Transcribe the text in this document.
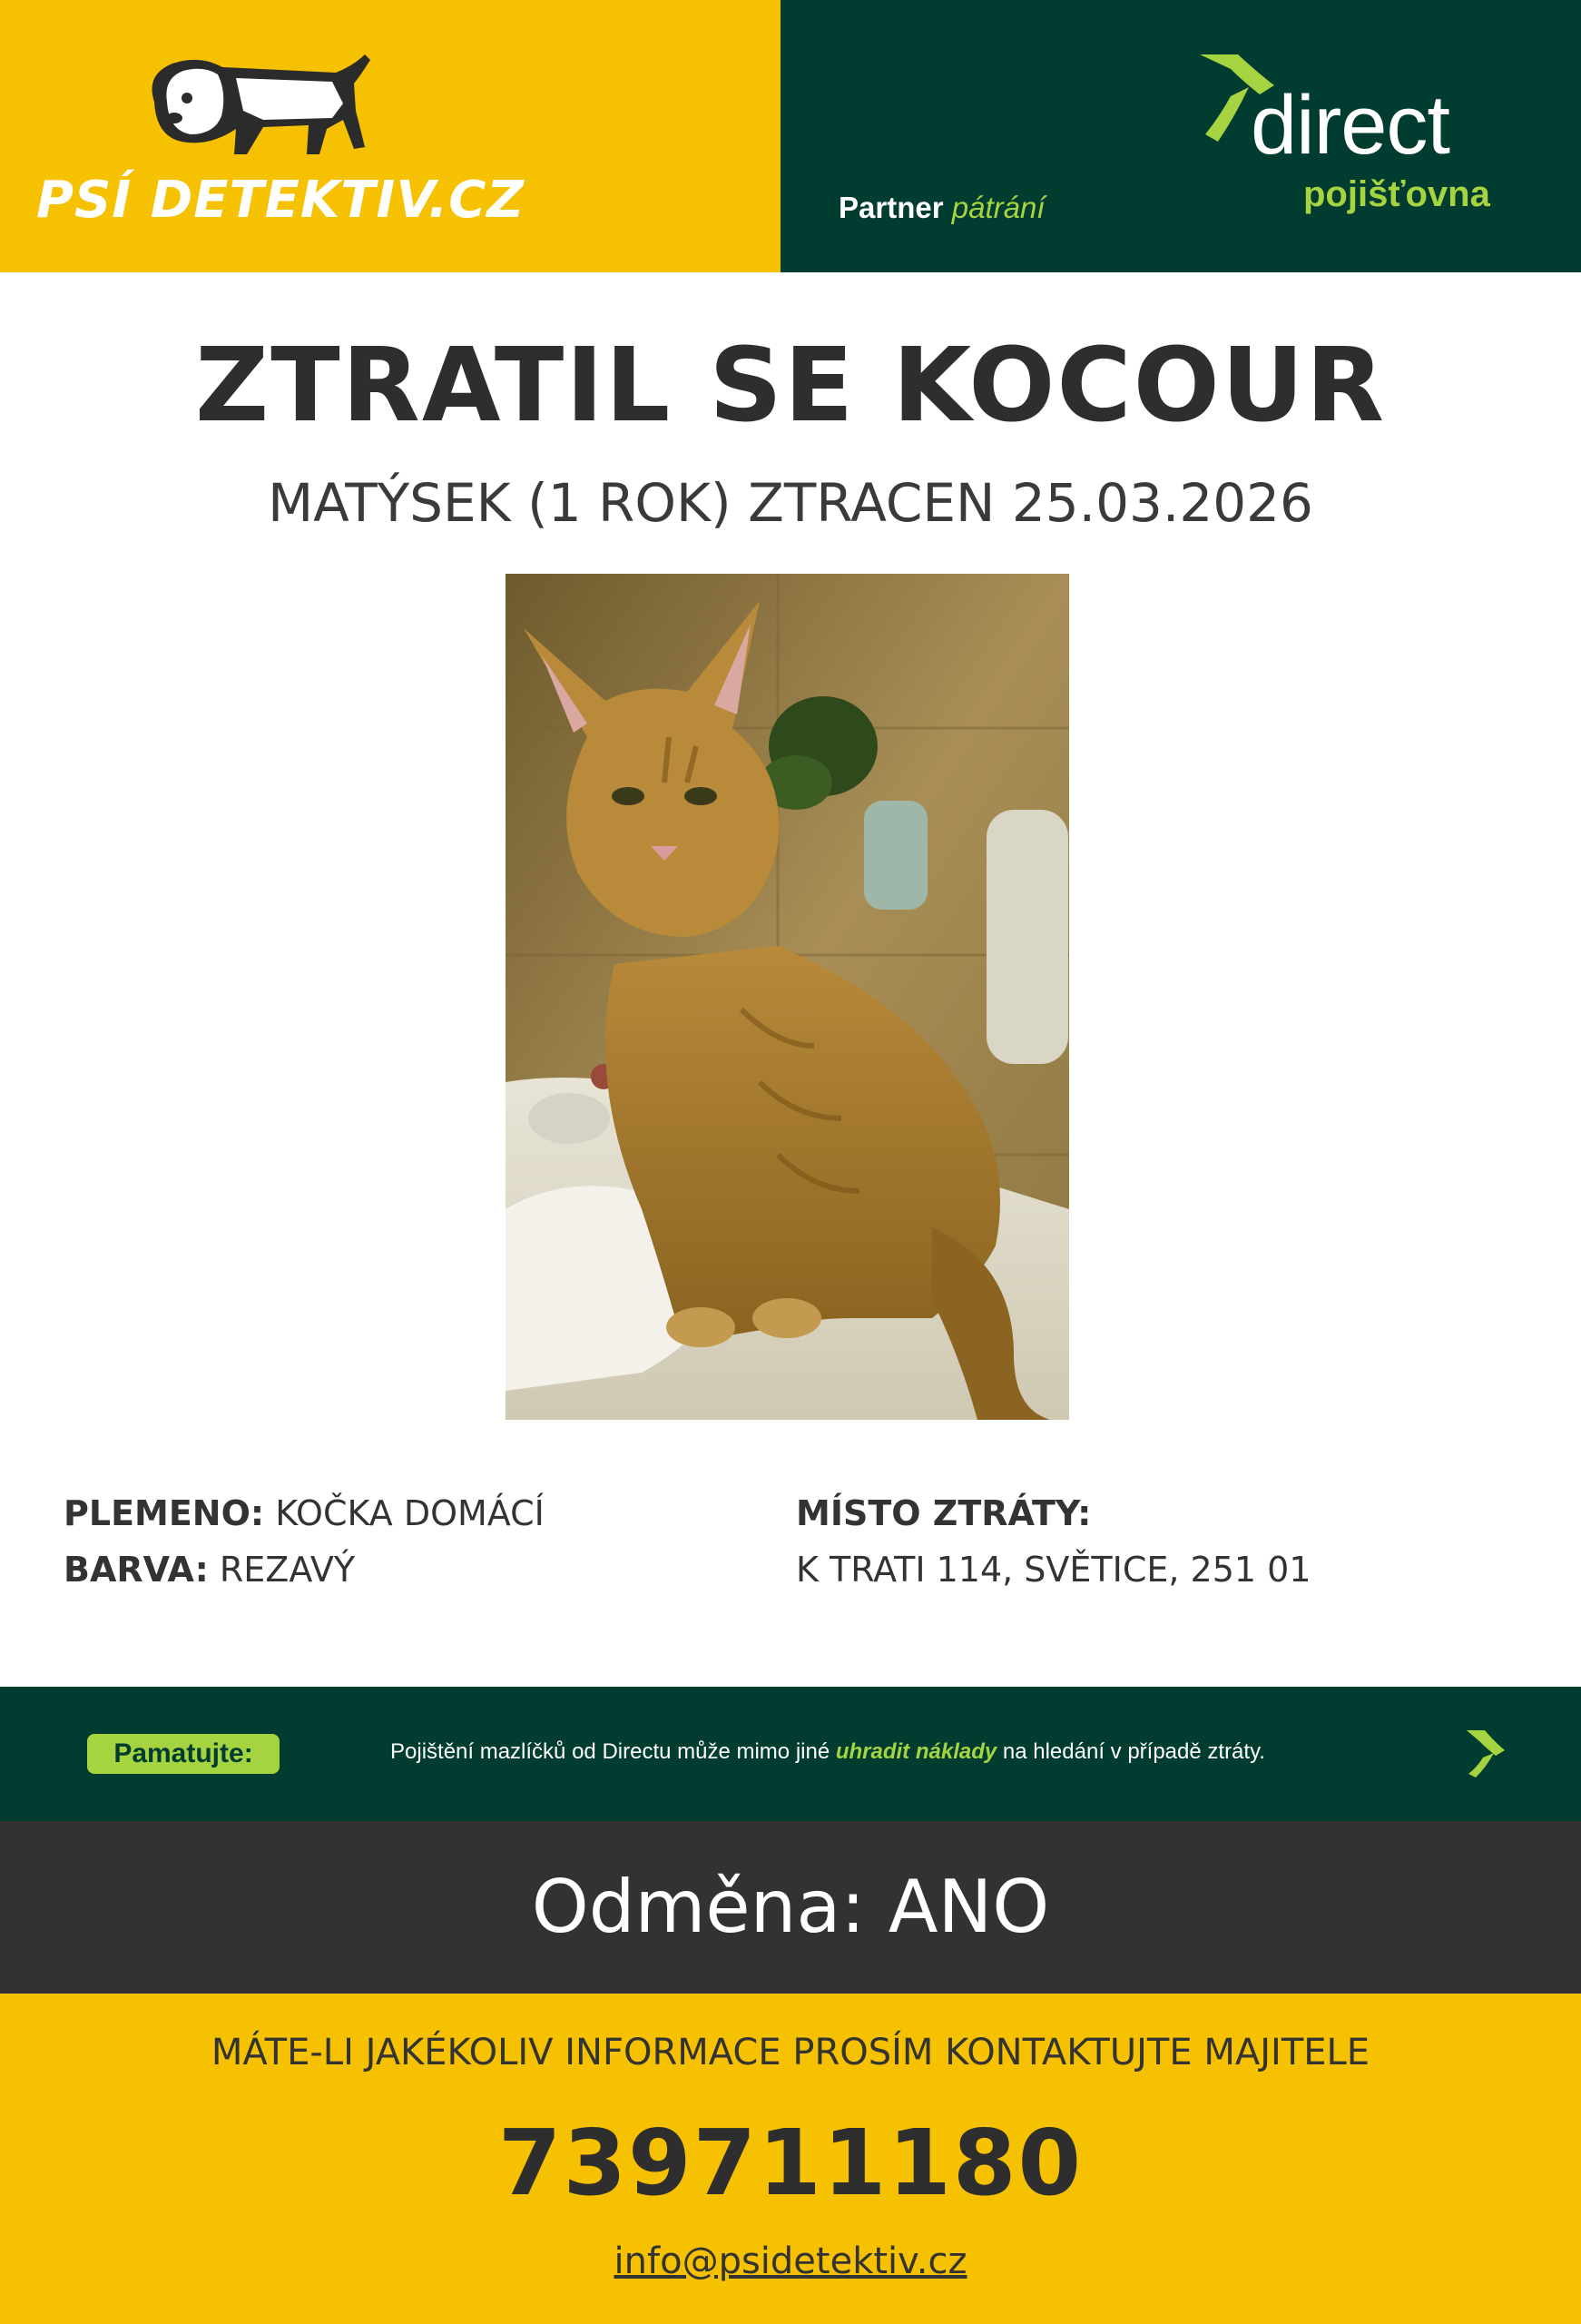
PSÍ DETEKTIV.CZ	Partner pátrání
direct
pojišťovna
ZTRATIL SE KOCOUR
MATÝSEK (1 ROK) ZTRACEN 25.03.2026
PLEMENO: KOČKA DOMÁCÍ
BARVA: REZAVÝ
MÍSTO ZTRÁTY:
K TRATI 114, SVĚTICE, 251 01
Pamatujte:	Pojištění mazlíčků od Directu může mimo jiné uhradit náklady na hledání v případě ztráty.
Odměna: ANO
MÁTE-LI JAKÉKOLIV INFORMACE PROSÍM KONTAKTUJTE MAJITELE
739711180
info@psidetektiv.cz
